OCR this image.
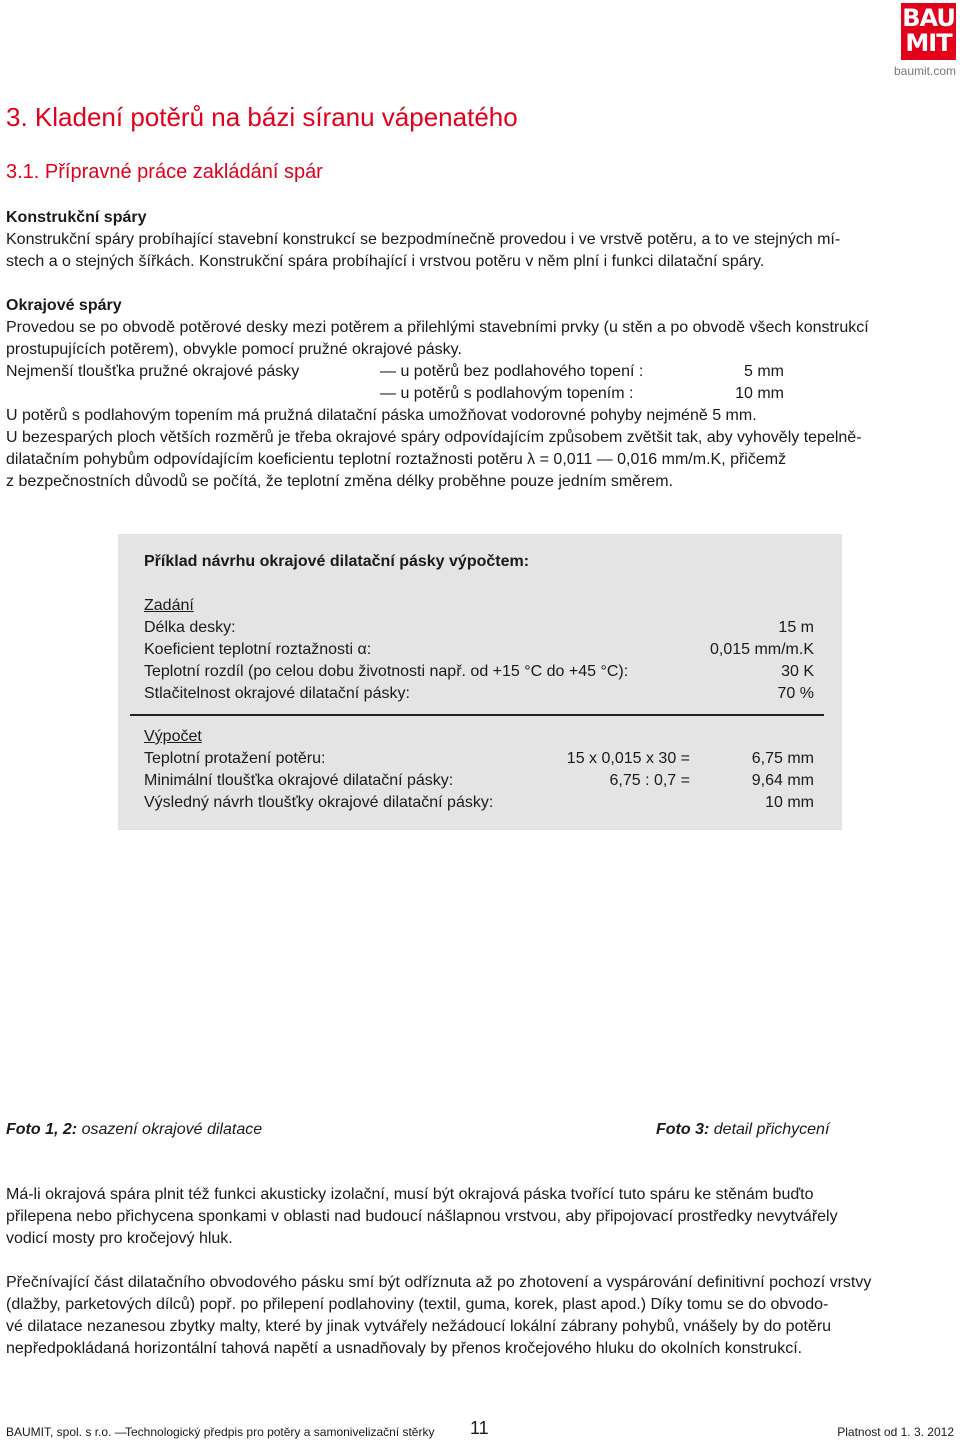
BAU
MIT
baumit.com
3. Kladení potěrů na bázi síranu vápenatého
3.1. Přípravné práce zakládání spár
Konstrukční spáry
Konstrukční spáry probíhající stavební konstrukcí se bezpodmínečně provedou i ve vrstvě potěru, a to ve stejných mí-
stech a o stejných šířkách. Konstrukční spára probíhající i vrstvou potěru v něm plní i funkci dilatační spáry.
Okrajové spáry
Provedou se po obvodě potěrové desky mezi potěrem a přilehlými stavebními prvky (u stěn a po obvodě všech konstrukcí
prostupujících potěrem), obvykle pomocí pružné okrajové pásky.
Nejmenší tloušťka pružné okrajové pásky	— u potěrů bez podlahového topení :	5 mm
— u potěrů s podlahovým topením :	10 mm
U potěrů s podlahovým topením má pružná dilatační páska umožňovat vodorovné pohyby nejméně 5 mm.
U bezesparých ploch větších rozměrů je třeba okrajové spáry odpovídajícím způsobem zvětšit tak, aby vyhověly tepelně-
dilatačním pohybům odpovídajícím koeficientu teplotní roztažnosti potěru λ = 0,011 — 0,016 mm/m.K, přičemž
z bezpečnostních důvodů se počítá, že teplotní změna délky proběhne pouze jedním směrem.
Příklad návrhu okrajové dilatační pásky výpočtem:
Zadání
Délka desky:	15 m
Koeficient teplotní roztažnosti α:	0,015 mm/m.K
Teplotní rozdíl (po celou dobu životnosti např. od +15 °C do +45 °C):	30 K
Stlačitelnost okrajové dilatační pásky:	70 %
Výpočet
Teplotní protažení potěru:	15 x 0,015 x 30 =	6,75 mm
Minimální tloušťka okrajové dilatační pásky:	6,75 : 0,7 =	9,64 mm
Výsledný návrh tloušťky okrajové dilatační pásky:	10 mm
Foto 1, 2: osazení okrajové dilatace	Foto 3: detail přichycení
Má-li okrajová spára plnit též funkci akusticky izolační, musí být okrajová páska tvořící tuto spáru ke stěnám buďto
přilepena nebo přichycena sponkami v oblasti nad budoucí nášlapnou vrstvou, aby připojovací prostředky nevytvářely
vodicí mosty pro kročejový hluk.
Přečnívající část dilatačního obvodového pásku smí být odříznuta až po zhotovení a vyspárování definitivní pochozí vrstvy
(dlažby, parketových dílců) popř. po přilepení podlahoviny (textil, guma, korek, plast apod.) Díky tomu se do obvodo-
vé dilatace nezanesou zbytky malty, které by jinak vytvářely nežádoucí lokální zábrany pohybů, vnášely by do potěru
nepředpokládaná horizontální tahová napětí a usnadňovaly by přenos kročejového hluku do okolních konstrukcí.
BAUMIT, spol. s r.o. —
Technologický předpis pro potěry a samonivelizační stěrky 11	Platnost od 1. 3. 2012
